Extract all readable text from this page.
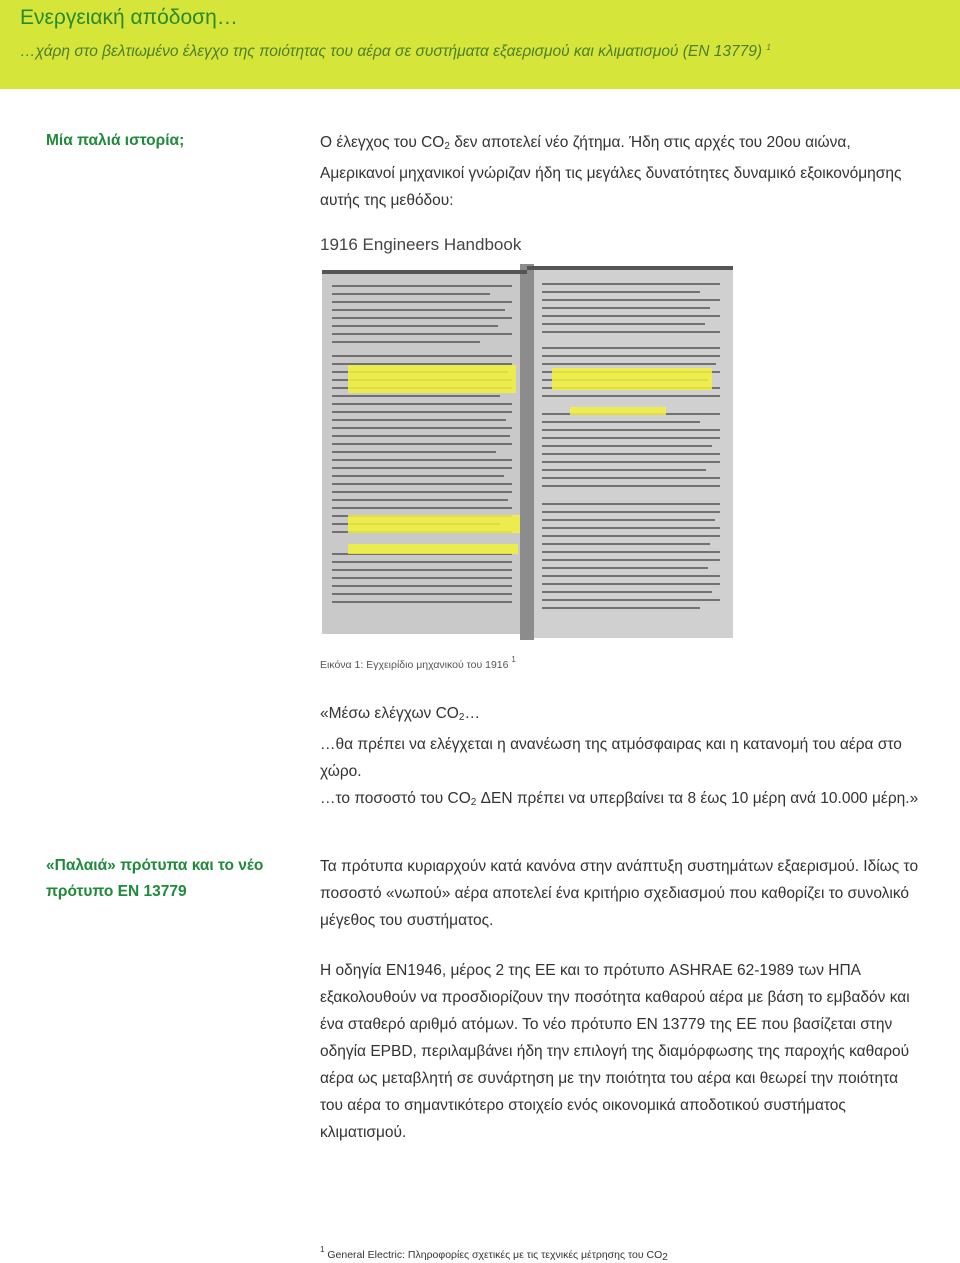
Ενεργειακή απόδοση…
…χάρη στο βελτιωμένο έλεγχο της ποιότητας του αέρα σε συστήματα εξαερισμού και κλιματισμού (EN 13779) $^1$
Μία παλιά ιστορία;	Ο έλεγχος του $CO_2$ δεν αποτελεί νέο ζήτημα. Ήδη στις αρχές του 20ου αιώνα, Αμερικανοί μηχανικοί γνώριζαν ήδη τις μεγάλες δυνατότητες δυναμικό εξοικονόμησης αυτής της μεθόδου:
1916 Engineers Handbook
Εικόνα 1: Εγχειρίδιο μηχανικού του 1916 $^1$
«Μέσω ελέγχων $CO_2\dots$
…θα πρέπει να ελέγχεται η ανανέωση της ατμόσφαιρας και η κατανομή του αέρα στο χώρο.
…το ποσοστό του $CO_2$ ΔΕΝ πρέπει να υπερβαίνει τα 8 έως 10 μέρη ανά 10.000 μέρη.»
«Παλαιά» πρότυπα και το νέο πρότυπο EN 13779
Τα πρότυπα κυριαρχούν κατά κανόνα στην ανάπτυξη συστημάτων εξαερισμού. Ιδίως το ποσοστό «νωπού» αέρα αποτελεί ένα κριτήριο σχεδιασμού που καθορίζει το συνολικό μέγεθος του συστήματος.
Η οδηγία EN1946, μέρος 2 της ΕΕ και το πρότυπο ASHRAE 62-1989 των ΗΠΑ εξακολουθούν να προσδιορίζουν την ποσότητα καθαρού αέρα με βάση το εμβαδόν και ένα σταθερό αριθμό ατόμων. Το νέο πρότυπο EN 13779 της ΕΕ που βασίζεται στην οδηγία EPBD, περιλαμβάνει ήδη την επιλογή της διαμόρφωσης της παροχής καθαρού αέρα ως μεταβλητή σε συνάρτηση με την ποιότητα του αέρα και θεωρεί την ποιότητα του αέρα το σημαντικότερο στοιχείο ενός οικονομικά αποδοτικού συστήματος κλιματισμού.
$^1$ General Electric: Πληροφορίες σχετικές με τις τεχνικές μέτρησης του CO2
